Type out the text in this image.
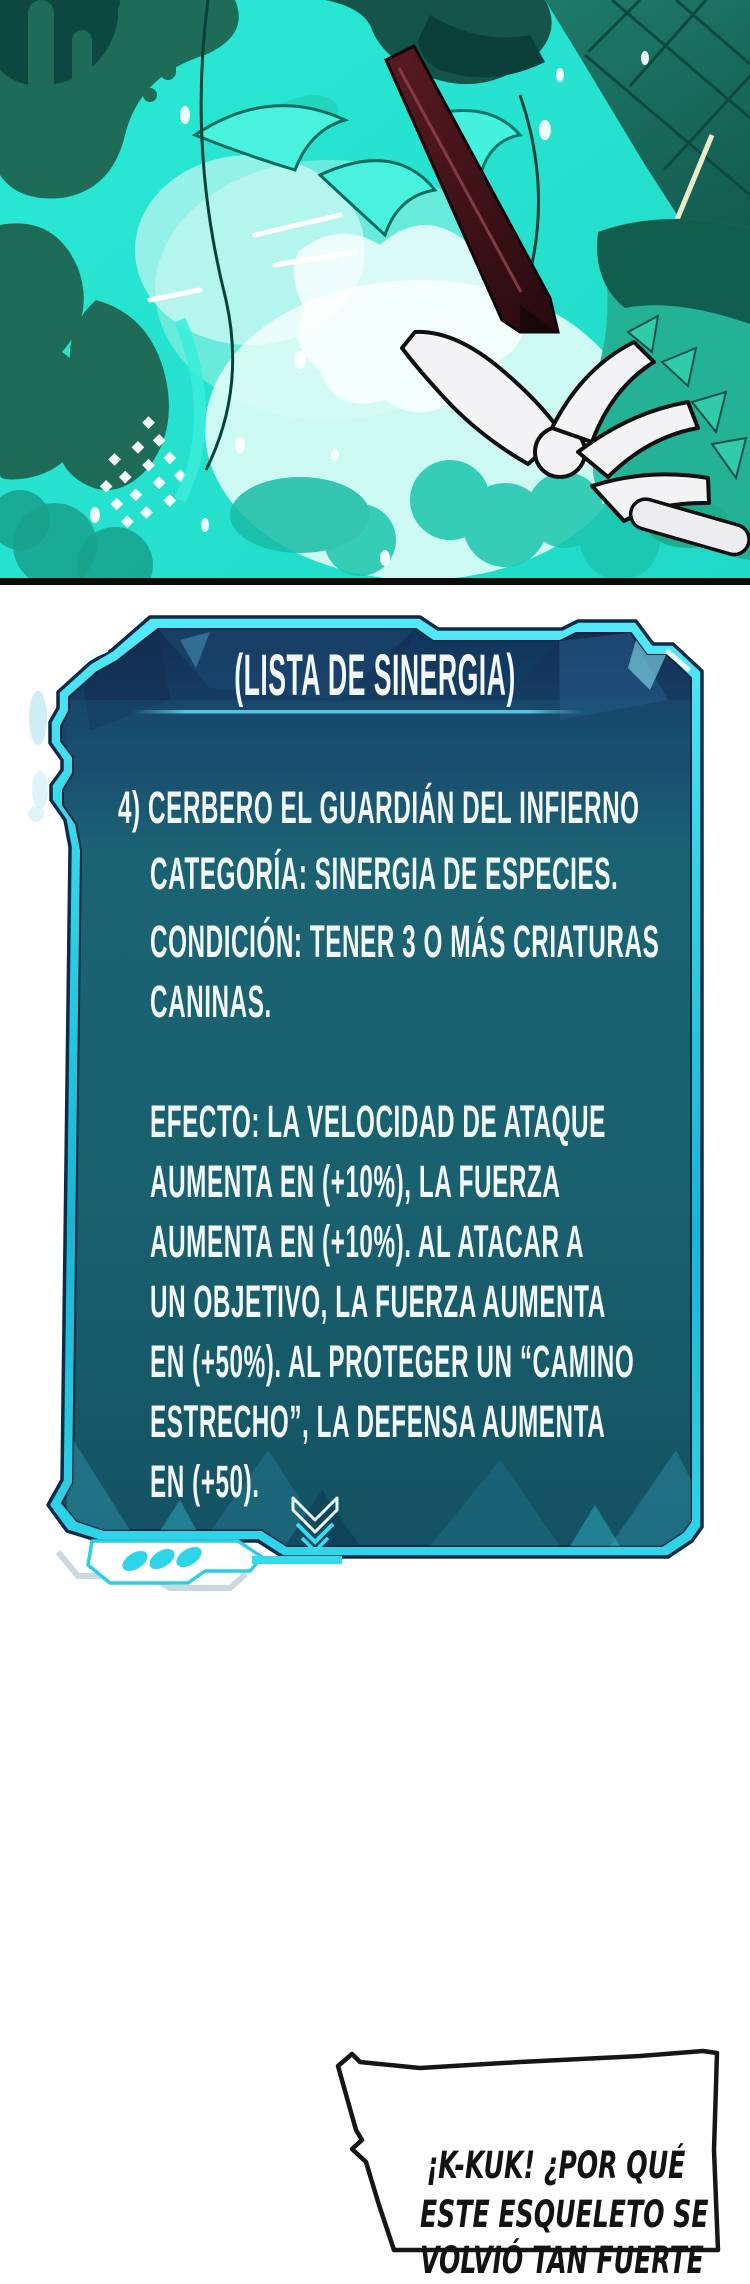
(LISTA DE SINERGIA)
4) CERBERO EL GUARDIÁN DEL INFIERNO
CATEGORÍA: SINERGIA DE ESPECIES.
CONDICIÓN: TENER 3 O MÁS CRIATURAS
CANINAS.
EFECTO: LA VELOCIDAD DE ATAQUE
AUMENTA EN (+10%), LA FUERZA
AUMENTA EN (+10%). AL ATACAR A
UN OBJETIVO, LA FUERZA AUMENTA
EN (+50%). AL PROTEGER UN “CAMINO
ESTRECHO”, LA DEFENSA AUMENTA
EN (+50).
¡K-KUK! ¿POR QUÉ
ESTE ESQUELETO SE
VOLVIÓ TAN FUERTE
